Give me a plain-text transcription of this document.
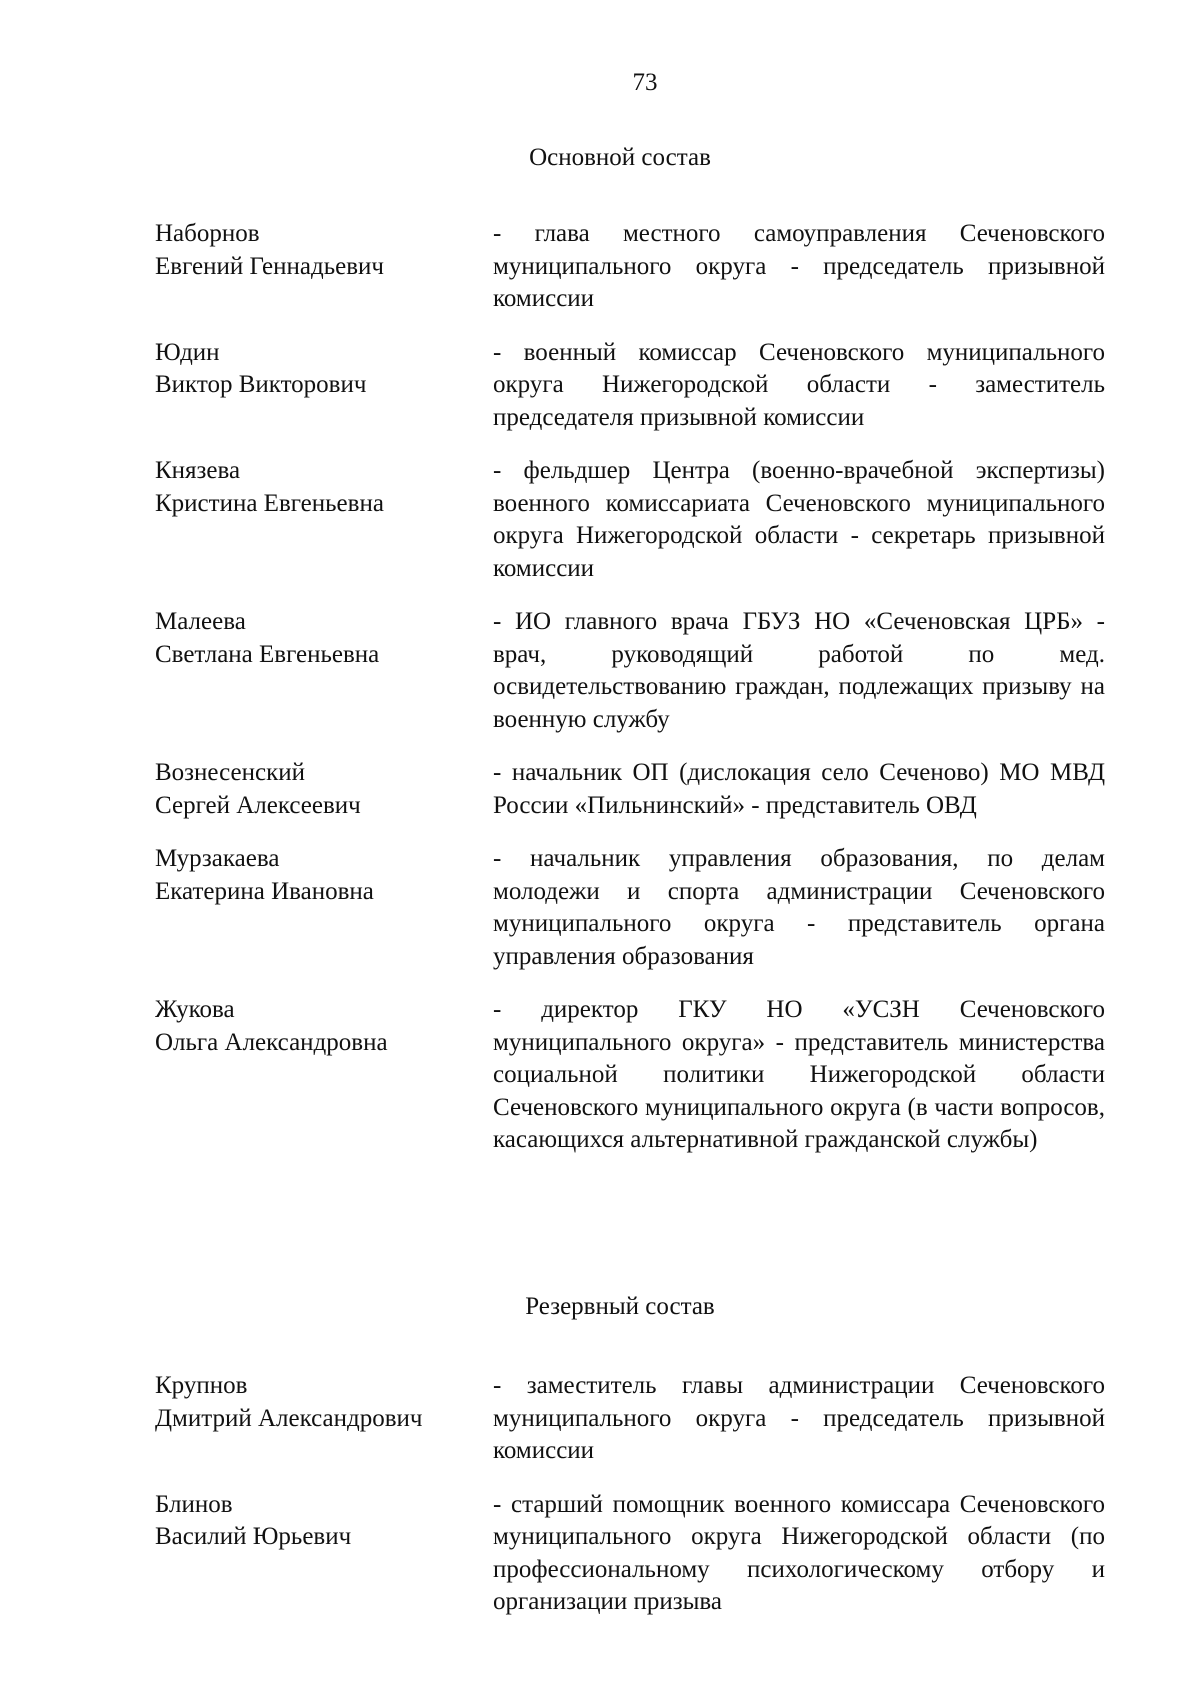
73
Основной состав
Наборнов
Евгений Геннадьевич
- глава местного самоуправления Сеченовского муниципального округа - председатель призывной комиссии
Юдин
Виктор Викторович
- военный комиссар Сеченовского муниципального округа Нижегородской области - заместитель председателя призывной комиссии
Князева
Кристина Евгеньевна
- фельдшер Центра (военно-врачебной экспертизы) военного комиссариата Сеченовского муниципального округа Нижегородской области - секретарь призывной комиссии
Малеева
Светлана Евгеньевна
- ИО главного врача ГБУЗ НО «Сеченовская ЦРБ» - врач, руководящий работой по мед. освидетельствованию граждан, подлежащих призыву на военную службу
Вознесенский
Сергей Алексеевич
- начальник ОП (дислокация село Сеченово) МО МВД России «Пильнинский» - представитель ОВД
Мурзакаева
Екатерина Ивановна
- начальник управления образования, по делам молодежи и спорта администрации Сеченовского муниципального округа - представитель органа управления образования
Жукова
Ольга Александровна
- директор ГКУ НО «УСЗН Сеченовского муниципального округа» - представитель министерства социальной политики Нижегородской области Сеченовского муниципального округа (в части вопросов, касающихся альтернативной гражданской службы)
Резервный состав
Крупнов
Дмитрий Александрович
- заместитель главы администрации Сеченовского муниципального округа - председатель призывной комиссии
Блинов
Василий Юрьевич
- старший помощник военного комиссара Сеченовского муниципального округа Нижегородской области (по профессиональному психологическому отбору и организации призыва
